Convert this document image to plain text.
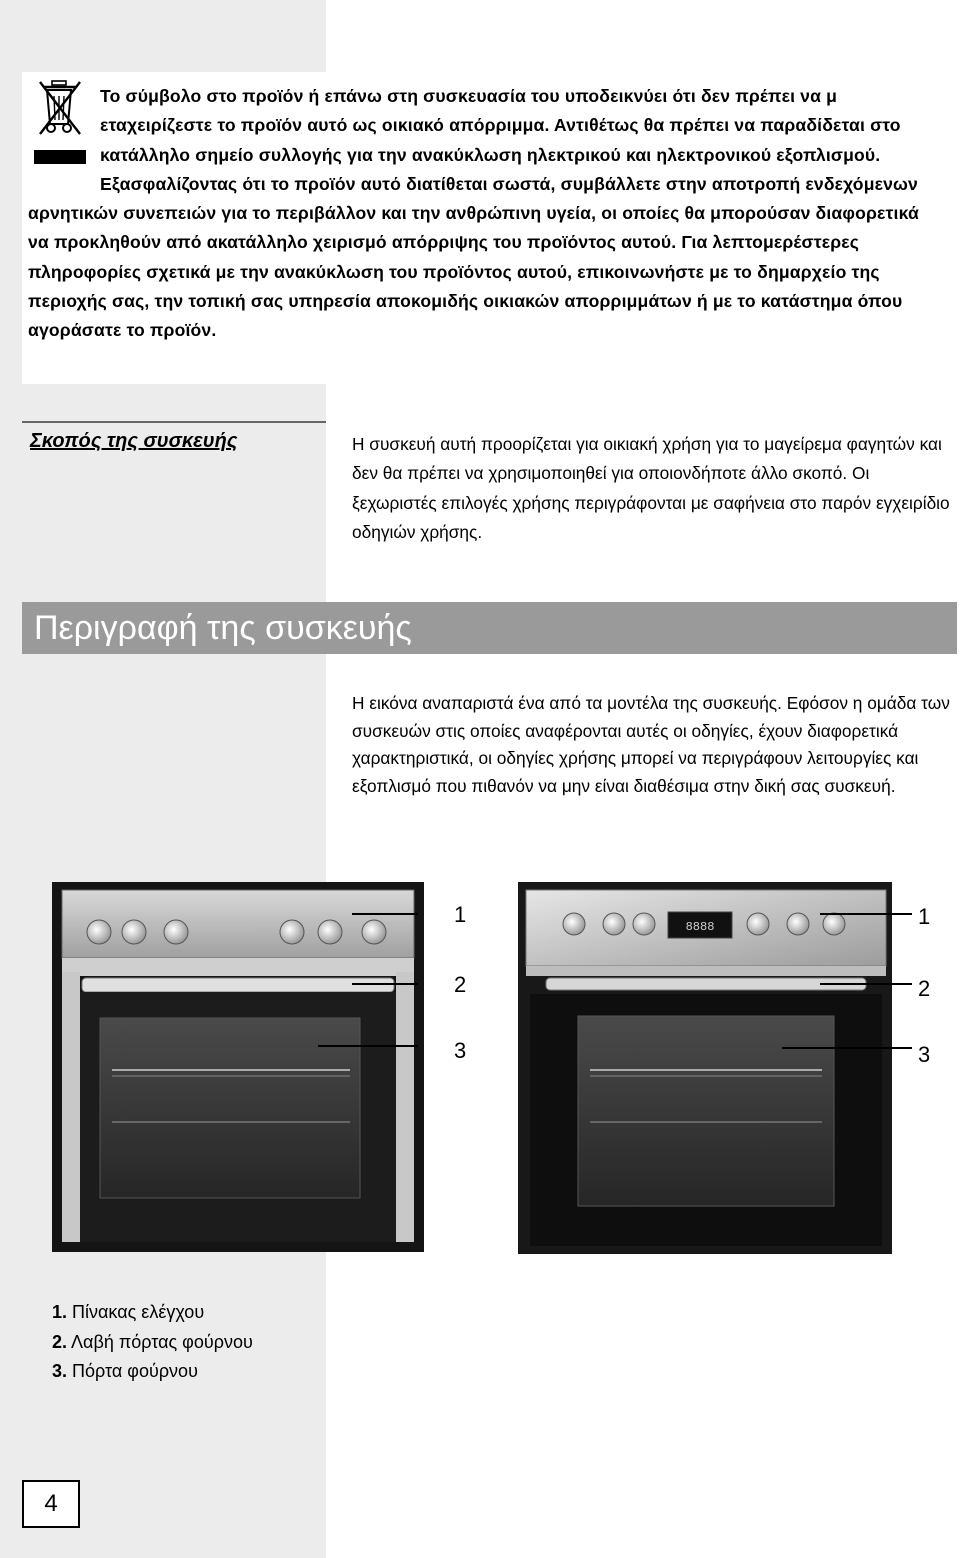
Το σύμβολο στο προϊόν ή επάνω στη συσκευασία του υποδεικνύει ότι δεν πρέπει να μ εταχειρίζεστε το προϊόν αυτό ως οικιακό απόρριμμα. Αντιθέτως θα πρέπει να παραδίδεται στο κατάλληλο σημείο συλλογής για την ανακύκλωση ηλεκτρικού και ηλεκτρονικού εξοπλισμού. Εξασφαλίζοντας ότι το προϊόν αυτό διατίθεται σωστά, συμβάλλετε στην αποτροπή ενδεχόμενων αρνητικών συνεπειών για το περιβάλλον και την ανθρώπινη υγεία, οι οποίες θα μπορούσαν διαφορετικά να προκληθούν από ακατάλληλο χειρισμό απόρριψης του προϊόντος αυτού. Για λεπτομερέστερες πληροφορίες σχετικά με την ανακύκλωση του προϊόντος αυτού, επικοινωνήστε με το δημαρχείο της περιοχής σας, την τοπική σας υπηρεσία αποκομιδής οικιακών απορριμμάτων ή με το κατάστημα όπου αγοράσατε το προϊόν.

Σκοπός της συσκευής	Η συσκευή αυτή προορίζεται για οικιακή χρήση για το μαγείρεμα φαγητών και δεν θα πρέπει να χρησιμοποιηθεί για οποιονδήποτε άλλο σκοπό. Οι ξεχωριστές επιλογές χρήσης περιγράφονται με σαφήνεια στο παρόν εγχειρίδιο οδηγιών χρήσης.

Περιγραφή της συσκευής

Η εικόνα αναπαριστά ένα από τα μοντέλα της συσκευής. Εφόσον η ομάδα των συσκευών στις οποίες αναφέρονται αυτές οι οδηγίες, έχουν διαφορετικά χαρακτηριστικά, οι οδηγίες χρήσης μπορεί να περιγράφουν λειτουργίες και εξοπλισμό που πιθανόν να μην είναι διαθέσιμα στην δική σας συσκευή.

8888
1
2
3
1
2
3
1. Πίνακας ελέγχου
2. Λαβή πόρτας φούρνου
3. Πόρτα φούρνου
4
